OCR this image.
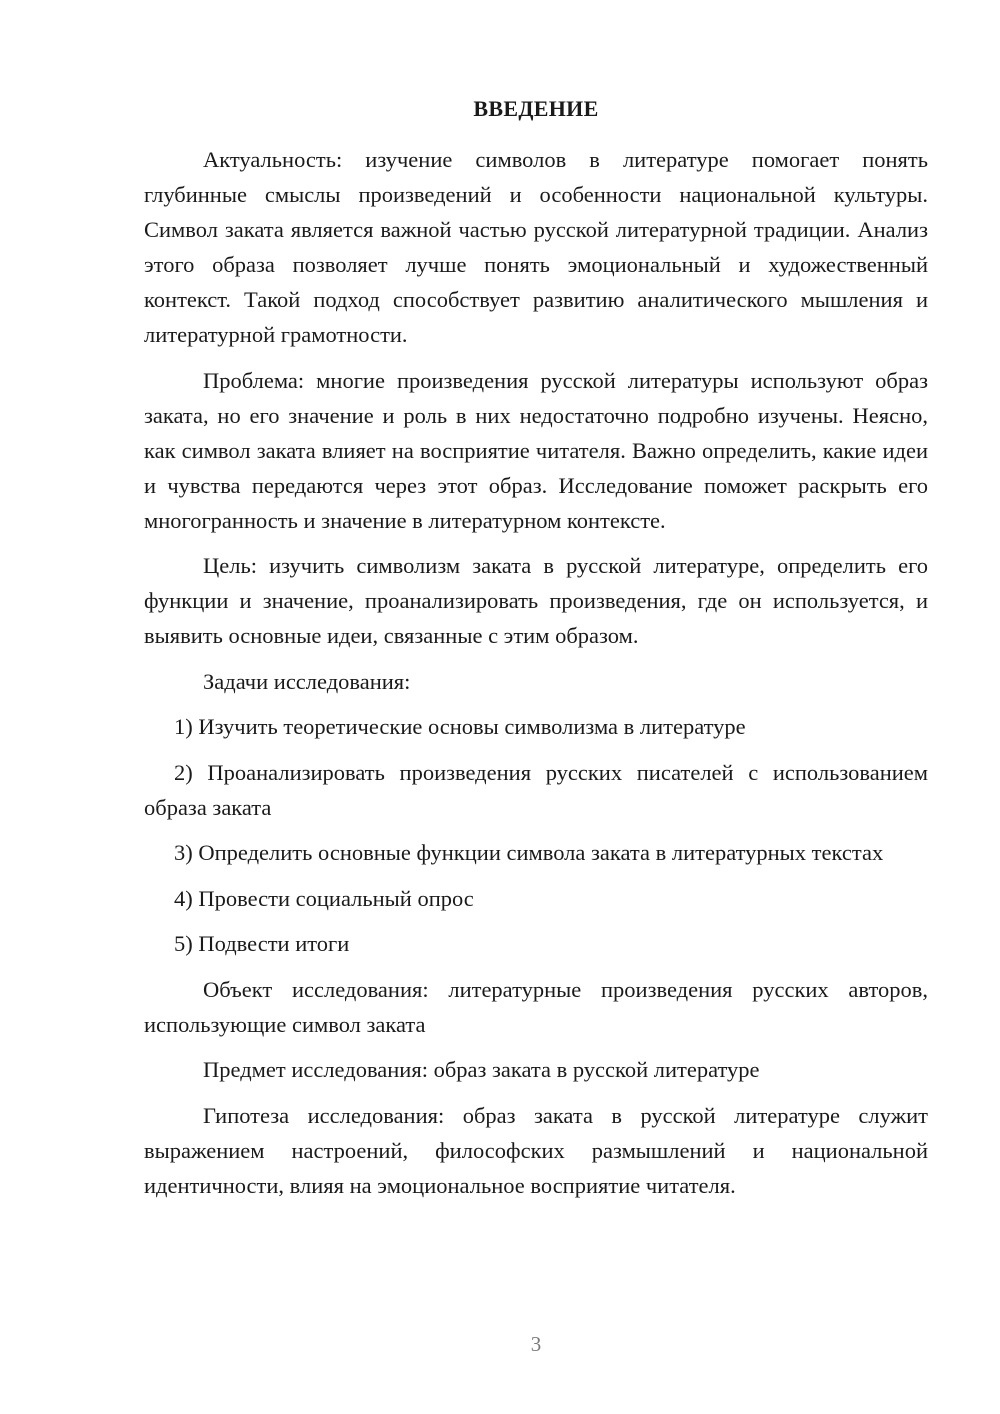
ВВЕДЕНИЕ

Актуальность: изучение символов в литературе помогает понять глубинные смыслы произведений и особенности национальной культуры. Символ заката является важной частью русской литературной традиции. Анализ этого образа позволяет лучше понять эмоциональный и художественный контекст. Такой подход способствует развитию аналитического мышления и литературной грамотности.

Проблема: многие произведения русской литературы используют образ заката, но его значение и роль в них недостаточно подробно изучены. Неясно, как символ заката влияет на восприятие читателя. Важно определить, какие идеи и чувства передаются через этот образ. Исследование поможет раскрыть его многогранность и значение в литературном контексте.

Цель: изучить символизм заката в русской литературе, определить его функции и значение, проанализировать произведения, где он используется, и выявить основные идеи, связанные с этим образом.

Задачи исследования:

1) Изучить теоретические основы символизма в литературе

2) Проанализировать произведения русских писателей с использованием образа заката

3) Определить основные функции символа заката в литературных текстах

4) Провести социальный опрос

5) Подвести итоги

Объект исследования: литературные произведения русских авторов, использующие символ заката

Предмет исследования: образ заката в русской литературе

Гипотеза исследования: образ заката в русской литературе служит выражением настроений, философских размышлений и национальной идентичности, влияя на эмоциональное восприятие читателя.

3
